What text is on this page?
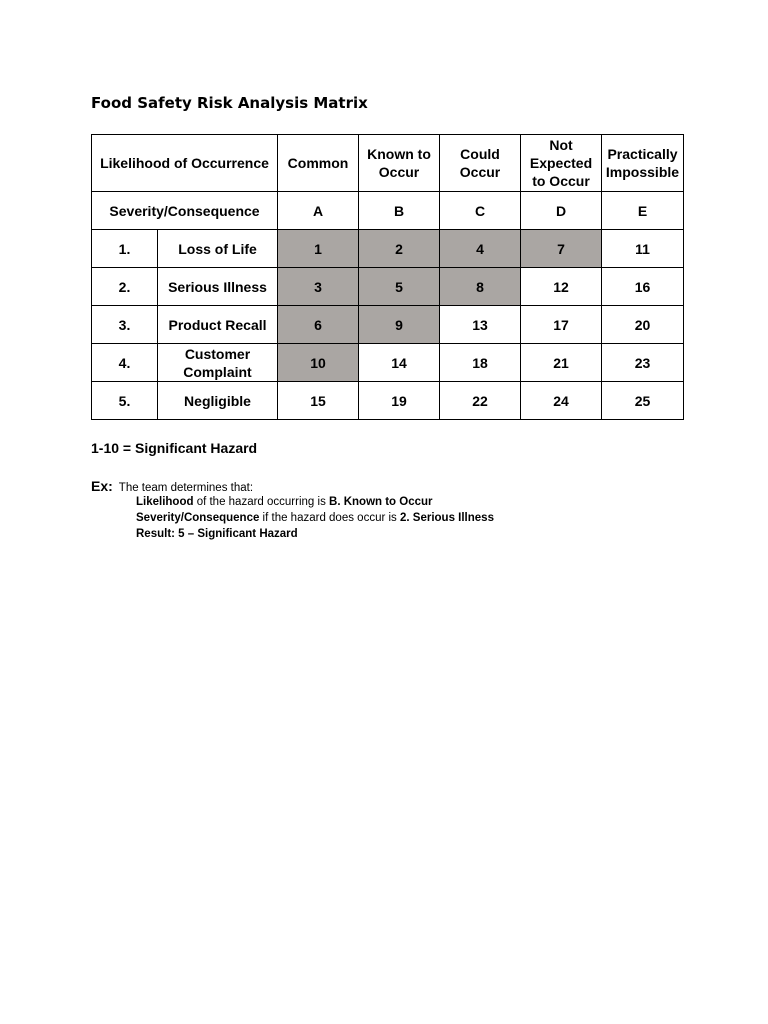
Food Safety Risk Analysis Matrix
Likelihood of Occurrence		Common	Known to Occur	Could Occur	Not Expected to Occur	Practically Impossible
Severity/Consequence		A	B	C	D	E
1.	Loss of Life	1	2	4	7	11
2.	Serious Illness	3	5	8	12	16
3.	Product Recall	6	9	13	17	20
4.	Customer Complaint	10	14	18	21	23
5.	Negligible	15	19	22	24	25
1-10 = Significant Hazard
Ex: The team determines that:
Likelihood of the hazard occurring is B. Known to Occur
Severity/Consequence if the hazard does occur is 2. Serious Illness
Result: 5 – Significant Hazard
